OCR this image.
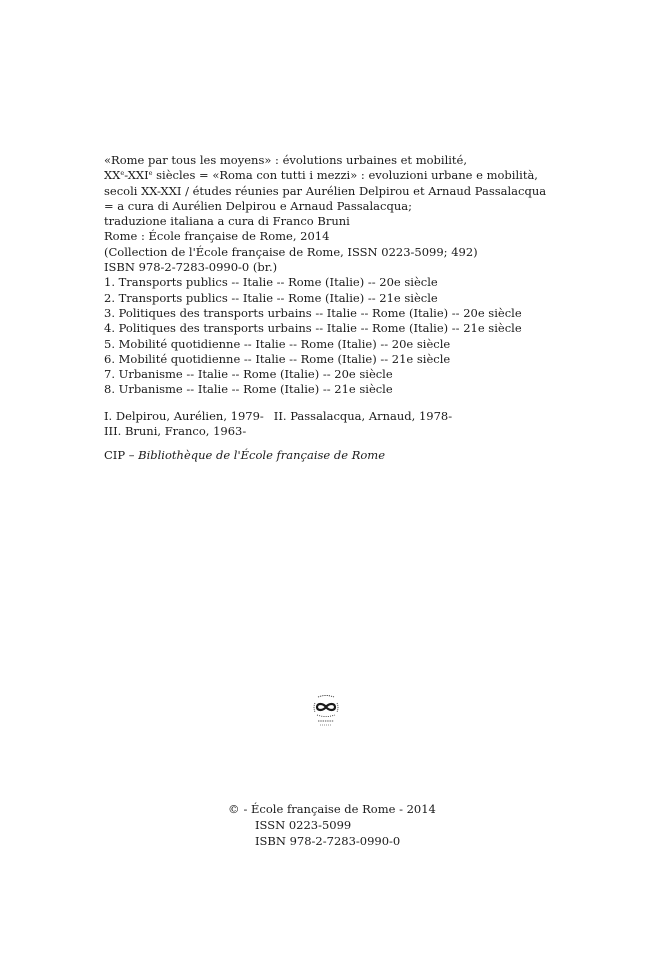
«Rome par tous les moyens» : évolutions urbaines et mobilité,
XXe-XXIe siècles = «Roma con tutti i mezzi» : evoluzioni urbane e mobilità,
secoli XX-XXI / études réunies par Aurélien Delpirou et Arnaud Passalacqua
= a cura di Aurélien Delpirou e Arnaud Passalacqua;
traduzione italiana a cura di Franco Bruni
Rome : École française de Rome, 2014
(Collection de l'École française de Rome, ISSN 0223-5099; 492)
ISBN 978-2-7283-0990-0 (br.)
1. Transports publics -- Italie -- Rome (Italie) -- 20e siècle
2. Transports publics -- Italie -- Rome (Italie) -- 21e siècle
3. Politiques des transports urbains -- Italie -- Rome (Italie) -- 20e siècle
4. Politiques des transports urbains -- Italie -- Rome (Italie) -- 21e siècle
5. Mobilité quotidienne -- Italie -- Rome (Italie) -- 20e siècle
6. Mobilité quotidienne -- Italie -- Rome (Italie) -- 21e siècle
7. Urbanisme -- Italie -- Rome (Italie) -- 20e siècle
8. Urbanisme -- Italie -- Rome (Italie) -- 21e siècle
I. Delpirou, Aurélien, 1979- II. Passalacqua, Arnaud, 1978-
III. Bruni, Franco, 1963-
CIP – Bibliothèque de l'École française de Rome
© - École française de Rome - 2014
ISSN 0223-5099
ISBN 978-2-7283-0990-0
